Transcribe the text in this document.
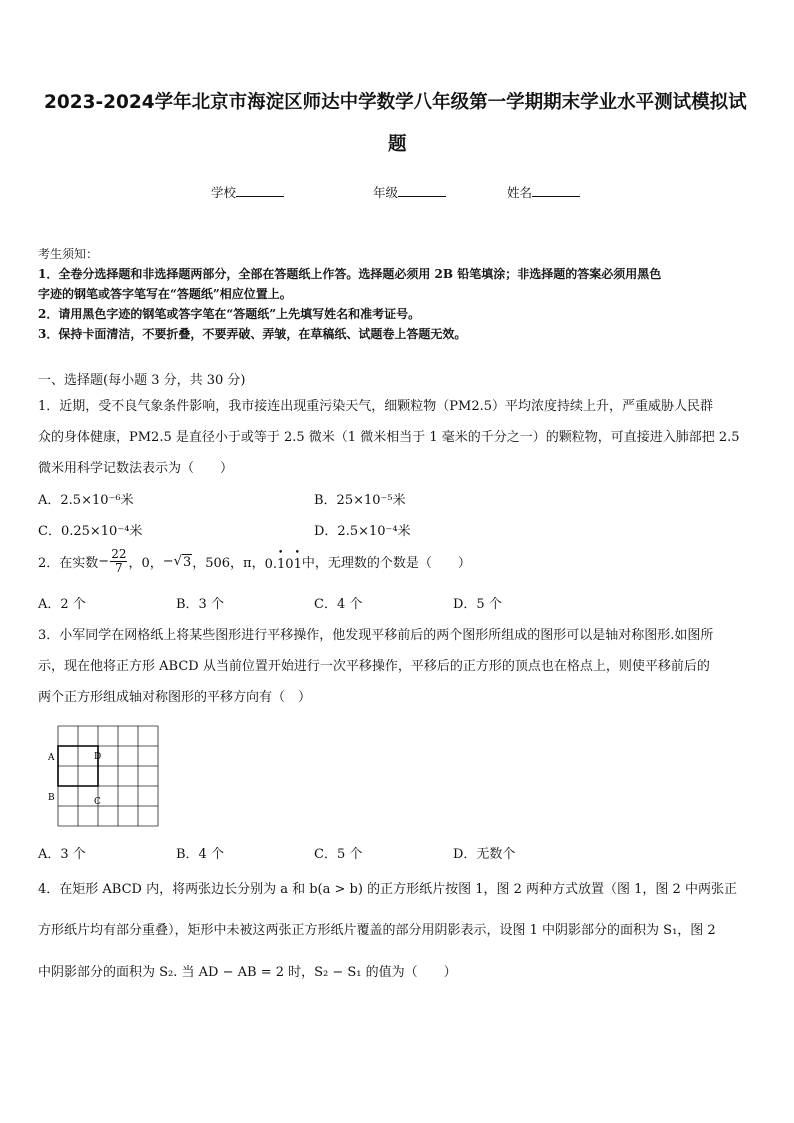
2023-2024学年北京市海淀区师达中学数学八年级第一学期期末学业水平测试模拟试
题
学校	年级	姓名
考生须知：
1．全卷分选择题和非选择题两部分，全部在答题纸上作答。选择题必须用 2B 铅笔填涂；非选择题的答案必须用黑色
字迹的钢笔或答字笔写在“答题纸”相应位置上。
2．请用黑色字迹的钢笔或答字笔在“答题纸”上先填写姓名和准考证号。
3．保持卡面清洁，不要折叠，不要弄破、弄皱，在草稿纸、试题卷上答题无效。
一、选择题(每小题 3 分，共 30 分)
1．近期，受不良气象条件影响，我市接连出现重污染天气，细颗粒物（PM2.5）平均浓度持续上升，严重威胁人民群
众的身体健康，PM2.5 是直径小于或等于 2.5 微米（1 微米相当于 1 毫米的千分之一）的颗粒物，可直接进入肺部把 2.5
微米用科学记数法表示为（　　）
A．2.5×10⁻⁶米	B．25×10⁻⁵米
C．0.25×10⁻⁴米	D．2.5×10⁻⁴米
2．在实数 − $\frac{22}{7}$ ，0， − √ 3 ，506，π， 0.• 10• 1 中，无理数的个数是（　　）
A．2 个	B．3 个	C．4 个	D．5 个
3．小军同学在网格纸上将某些图形进行平移操作，他发现平移前后的两个图形所组成的图形可以是轴对称图形.如图所
示，现在他将正方形 ABCD 从当前位置开始进行一次平移操作，平移后的正方形的顶点也在格点上，则使平移前后的
两个正方形组成轴对称图形的平移方向有（　）
A	D
B	C
A．3 个	B．4 个	C．5 个	D．无数个
4．在矩形 ABCD 内，将两张边长分别为 a 和 b(a > b) 的正方形纸片按图 1，图 2 两种方式放置（图 1，图 2 中两张正
方形纸片均有部分重叠），矩形中未被这两张正方形纸片覆盖的部分用阴影表示，设图 1 中阴影部分的面积为 S₁，图 2
中阴影部分的面积为 S₂. 当 AD − AB = 2 时，S₂ − S₁ 的值为（　　）
